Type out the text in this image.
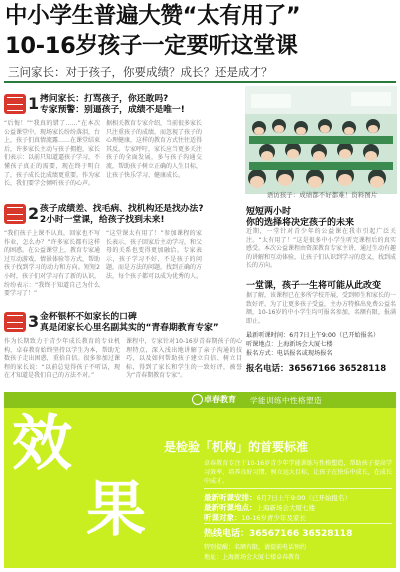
中小学生普遍大赞“太有用了”
10-16岁孩子一定要听这堂课
三问家长：对于孩子，你要成绩？成长？还是成才？
1 拷问家长：打骂孩子，你还敢吗?
专家预警：别逼孩子，成绩不是唯一!
“后悔！”“我真的错了……”在本次公益课堂中，现场家长纷纷落泪，台上，孩子们真情流露……在课堂结束后，许多家长主动与孩子拥抱，家长们表示：以前只知道逼孩子学习，不懂孩子真正的需要，现在终于明白了，孩子成长比成绩更重要。作为家长，我们要学会倾听孩子的心声。
据相关教育专家介绍，当前很多家长只注重孩子的成绩，而忽视了孩子的心理健康，这样的教育方式往往适得其反。专家呼吁，家长应当更多关注孩子的全面发展，多与孩子沟通交流，帮助孩子树立正确的人生目标，让孩子快乐学习、健康成长。
2 孩子成绩差、找毛病、找机构还是找办法?
2小时一堂课，给孩子找到未来!
“我们孩子上课不认真，回家也不写作业，怎么办？”许多家长都有这样的困惑。在公益课堂上，教育专家通过互动游戏、情景体验等方式，帮助孩子找到学习的动力和方向。短短2小时，孩子们对学习有了新的认识，纷纷表示：“我终于知道自己为什么要学习了！”
“这堂课太有用了！”参加课程的家长表示，孩子回家后主动学习，和父母的关系也变得更加融洽。专家表示，孩子学习不好，不是孩子的问题，而是方法的问题，找到正确的方法，每个孩子都可以成为优秀的人。
3 金杯银杯不如家长的口碑
真是闭家长心里名副其实的“青春期教育专家”
作为长期致力于青少年成长教育的专业机构，卓春教育始终坚持以学生为本，帮助无数孩子走出困惑，重拾自信。很多参加过课程的家长说：“以前总觉得孩子不听话，现在才知道是我们自己的方法不对。”
课程中，专家针对10-16岁青春期孩子的心理特点，深入浅出地讲解了亲子沟通的技巧，以及如何帮助孩子建立自信、树立目标，得到了家长和学生的一致好评，被誉为“青春期教育专家”。
语访孩子：成绩都不好都难！资料图片
短短两小时
你的选择将决定孩子的未来
近期，一堂针对青少年的公益课在我市引起广泛关注。“太有用了！”这是很多中小学生听完课程后的真实感受。本次公益课程由资深教育专家主讲，通过生动有趣的讲解和互动体验，让孩子们认识到学习的意义，找到成长的方向。
一堂课，孩子一生将可能从此改变
据了解，该课程已在多所学校开展，受到师生和家长的一致好评。为了让更多孩子受益，主办方特推出免费公益名额，10-16岁的中小学生均可报名参加，名额有限，报满即止。
最新听课时间：6月7日上午9:00（已开始报名）
听课地点：上海新场会大厦七楼
报名方式：电话报名或现场报名
报名电话：36567166 36528118
卓春教育 学能训练中性格塑造
效
果
是检验「机构」的首要标准
卓春教育专注于10-16岁青少年学能训练与性格塑造，帮助孩子提高学习效率、培养良好习惯、树立远大目标，让孩子在快乐中成长，在成长中成才。
最新听课安排：6月7日上午9:00（已开始报名）
最新听课地点：上海新场会大厦七楼
听课对象：10-16岁青少年及家长
热线电话：36567166 36528118
特别提醒：名额有限，请提前电话预约
地址：上海新场会大厦七楼卓春教育
